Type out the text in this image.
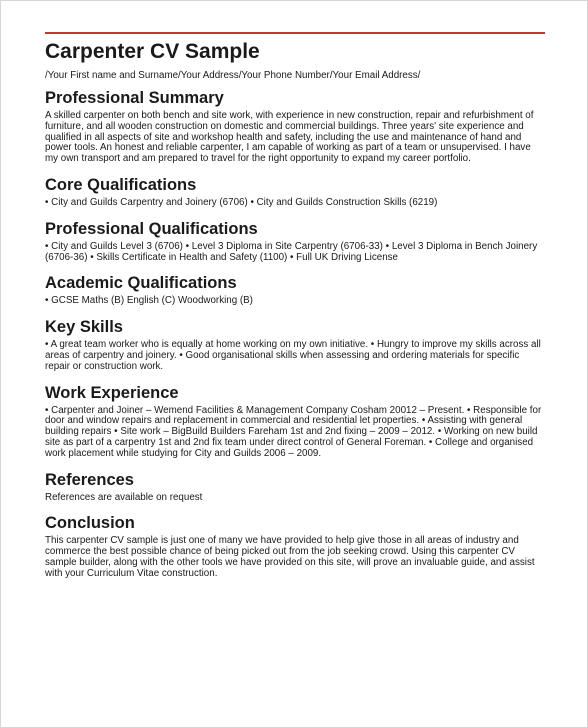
Carpenter CV Sample

/Your First name and Surname/Your Address/Your Phone Number/Your Email Address/

Professional Summary

A skilled carpenter on both bench and site work, with experience in new construction, repair and refurbishment of furniture, and all wooden construction on domestic and commercial buildings. Three years' site experience and qualified in all aspects of site and workshop health and safety, including the use and maintenance of hand and power tools. An honest and reliable carpenter, I am capable of working as part of a team or unsupervised. I have my own transport and am prepared to travel for the right opportunity to expand my career portfolio.

Core Qualifications

• City and Guilds Carpentry and Joinery (6706) • City and Guilds Construction Skills (6219)

Professional Qualifications

• City and Guilds Level 3 (6706) • Level 3 Diploma in Site Carpentry (6706-33) • Level 3 Diploma in Bench Joinery (6706-36) • Skills Certificate in Health and Safety (1100) • Full UK Driving License

Academic Qualifications

• GCSE Maths (B) English (C) Woodworking (B)

Key Skills

• A great team worker who is equally at home working on my own initiative. • Hungry to improve my skills across all areas of carpentry and joinery. • Good organisational skills when assessing and ordering materials for specific repair or construction work.

Work Experience

• Carpenter and Joiner – Wemend Facilities & Management Company Cosham 20012 – Present. • Responsible for door and window repairs and replacement in commercial and residential let properties. • Assisting with general building repairs • Site work – BigBuild Builders Fareham 1st and 2nd fixing – 2009 – 2012. • Working on new build site as part of a carpentry 1st and 2nd fix team under direct control of General Foreman. • College and organised work placement while studying for City and Guilds 2006 – 2009.

References

References are available on request

Conclusion

This carpenter CV sample is just one of many we have provided to help give those in all areas of industry and commerce the best possible chance of being picked out from the job seeking crowd. Using this carpenter CV sample builder, along with the other tools we have provided on this site, will prove an invaluable guide, and assist with your Curriculum Vitae construction.
